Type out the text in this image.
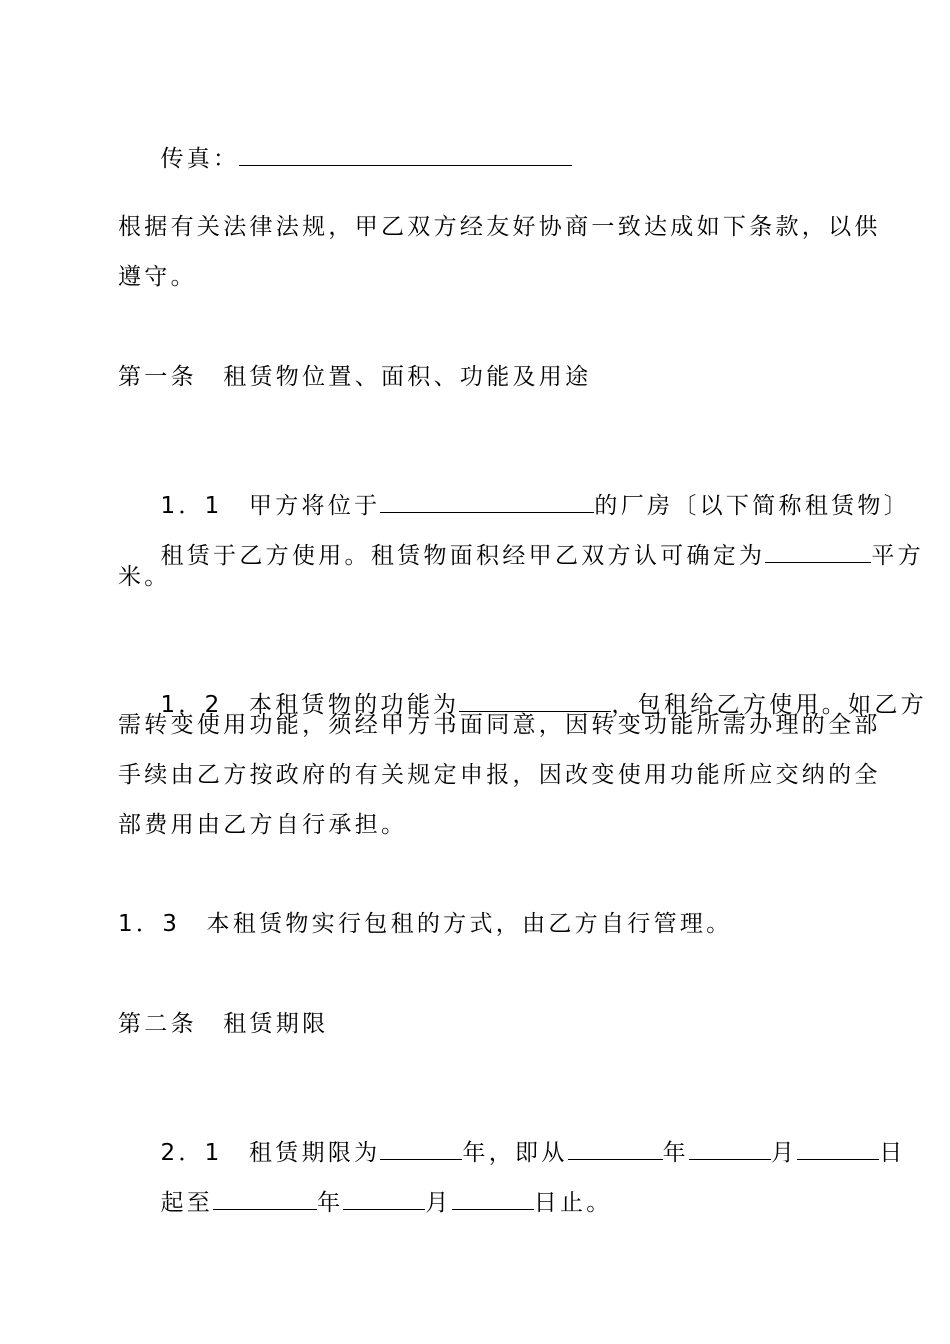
传真：

根据有关法律法规，甲乙双方经友好协商一致达成如下条款，以供
遵守。
第一条　租赁物位置、面积、功能及用途

1．1　甲方将位于	的厂房〔以下简称租赁物〕

租赁于乙方使用。租赁物面积经甲乙双方认可确定为	平方

米。

1．2　本租赁物的功能为	，包租给乙方使用。如乙方

需转变使用功能，须经甲方书面同意，因转变功能所需办理的全部
手续由乙方按政府的有关规定申报，因改变使用功能所应交纳的全
部费用由乙方自行承担。
1．3　本租赁物实行包租的方式，由乙方自行管理。
第二条　租赁期限

2．1　租赁期限为	年，即从	年	月	日

起至	年	月	日止。
